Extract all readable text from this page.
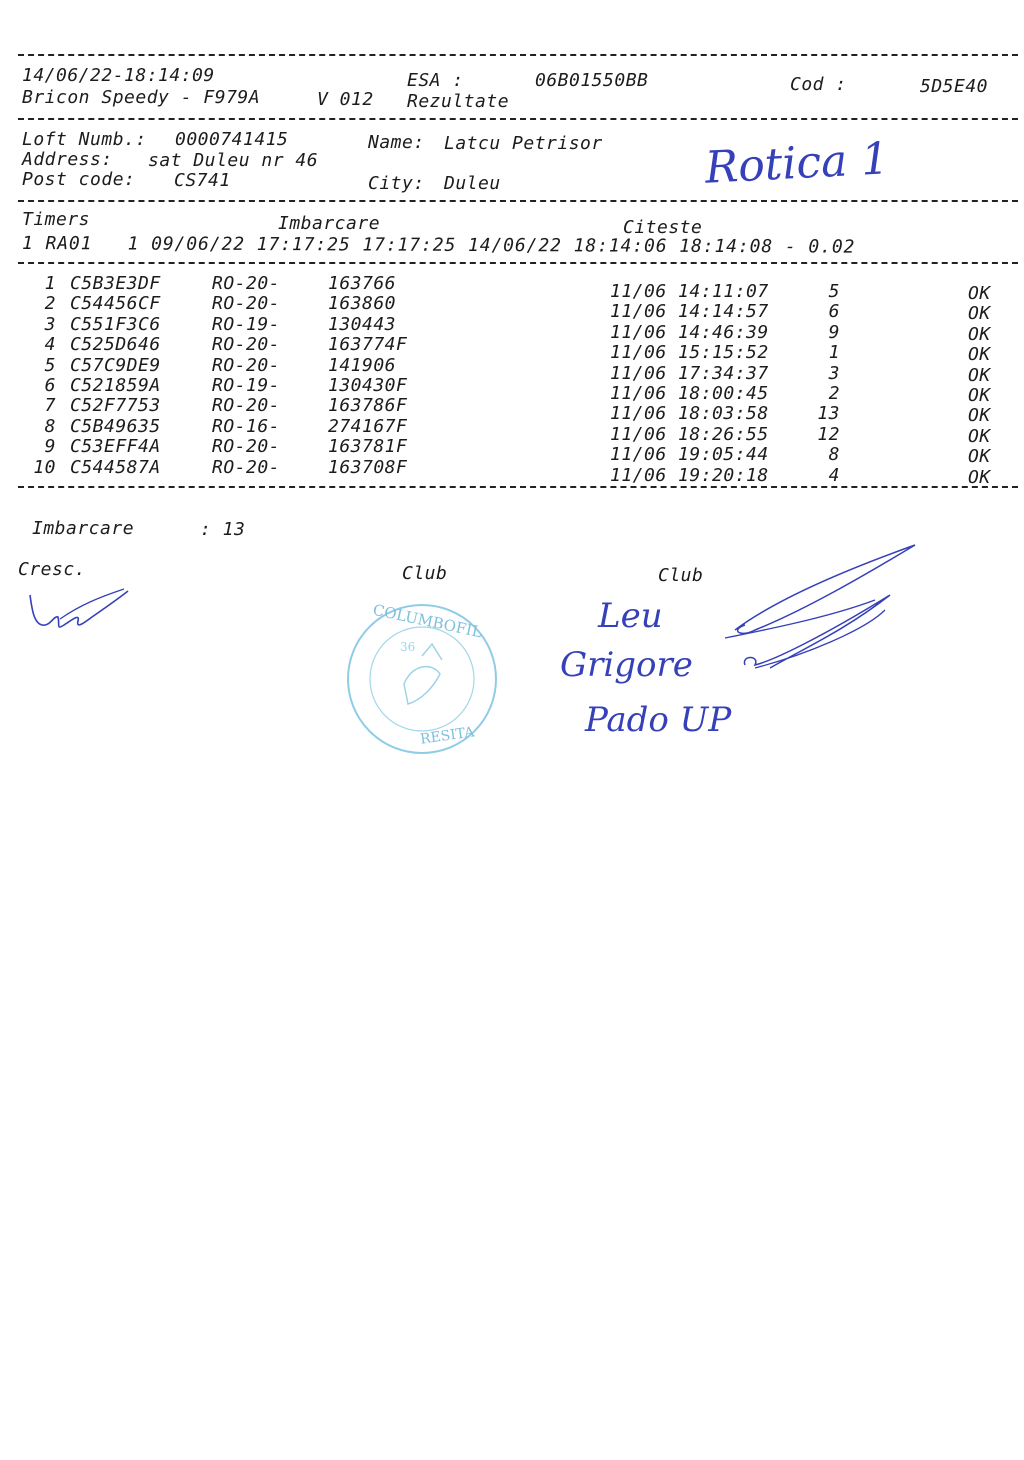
14/06/22-18:14:09	ESA :	06B01550BB	Cod :	5D5E40
Bricon Speedy - F979A	V 012 Rezultate
Loft Numb.: 0000741415	Name: Latcu Petrisor
Address: sat Duleu nr 46
Post code: CS741	City: Duleu	Rotica 1
Timers	Imbarcare	Citeste
1 RA01   1 09/06/22 17:17:25 17:17:25 14/06/22 18:14:06 18:14:08 - 0.02
1 C5B3E3DF	RO-20-	163766	11/06 14:11:07	5	OK
2 C54456CF	RO-20-	163860	11/06 14:14:57	6	OK
3 C551F3C6	RO-19-	130443	11/06 14:46:39	9	OK
4 C525D646	RO-20-	163774F	11/06 15:15:52	1	OK
5 C57C9DE9	RO-20-	141906	11/06 17:34:37	3	OK
6 C521859A	RO-19-	130430F	11/06 18:00:45	2	OK
7 C52F7753	RO-20-	163786F	11/06 18:03:58	13	OK
8 C5B49635	RO-16-	274167F	11/06 18:26:55	12	OK
9 C53EFF4A	RO-20-	163781F	11/06 19:05:44	8	OK
10 C544587A	RO-20-	163708F	11/06 19:20:18	4	OK
Imbarcare	: 13
Cresc.	Club	Club
COLUMBOFIL
RESITA
36
Leu
Grigore
Pado UP
